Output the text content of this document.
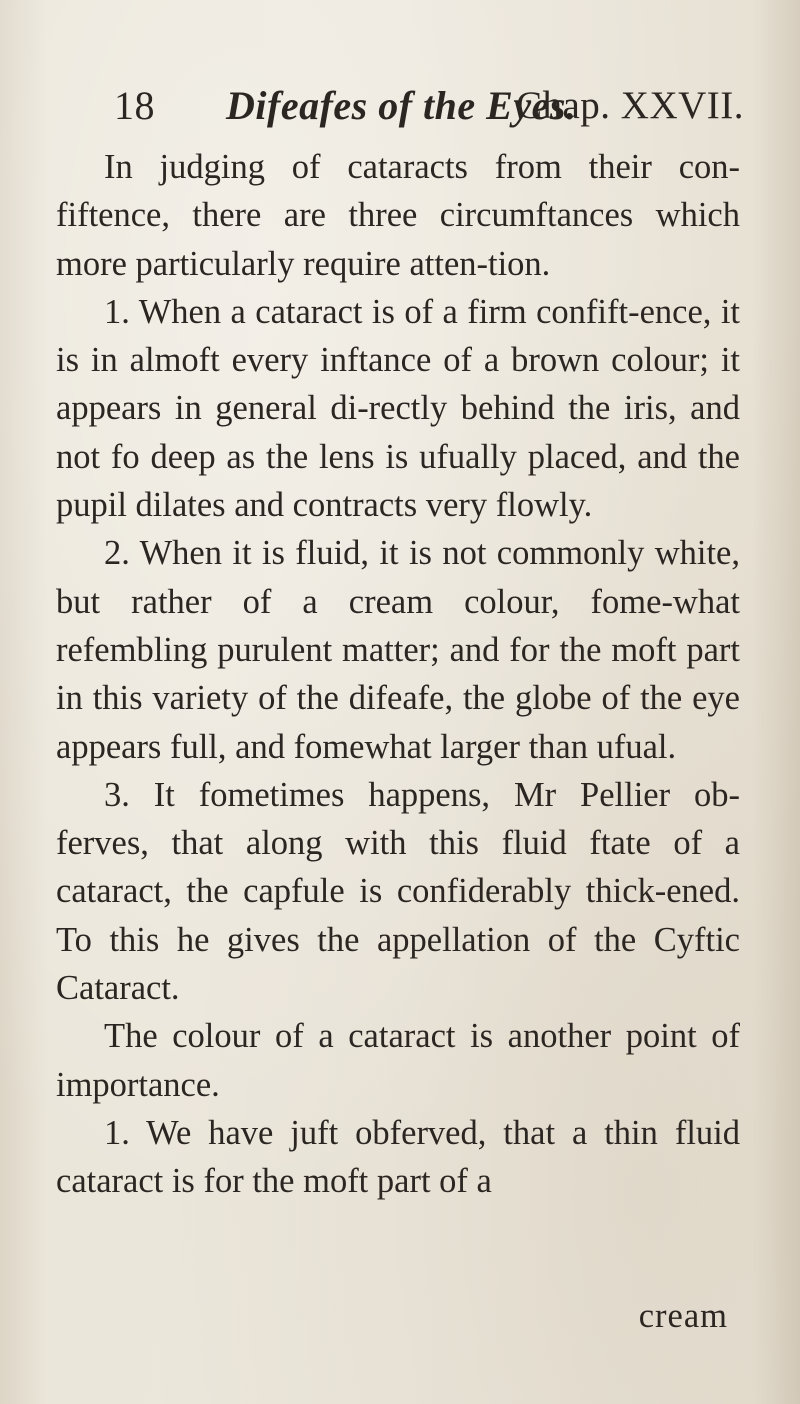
18 Difeafes of the Eyes.
Chap. XXVII.

In judging of cataracts from their con-fiftence, there are three circumftances which more particularly require atten-tion.

1. When a cataract is of a firm confift-ence, it is in almoft every inftance of a brown colour; it appears in general di-rectly behind the iris, and not fo deep as the lens is ufually placed, and the pupil dilates and contracts very flowly.

2. When it is fluid, it is not commonly white, but rather of a cream colour, fome-what refembling purulent matter; and for the moft part in this variety of the difeafe, the globe of the eye appears full, and fomewhat larger than ufual.

3. It fometimes happens, Mr Pellier ob-ferves, that along with this fluid ftate of a cataract, the capfule is confiderably thick-ened. To this he gives the appellation of the Cyftic Cataract.

The colour of a cataract is another point of importance.

1. We have juft obferved, that a thin fluid cataract is for the moft part of a

cream
